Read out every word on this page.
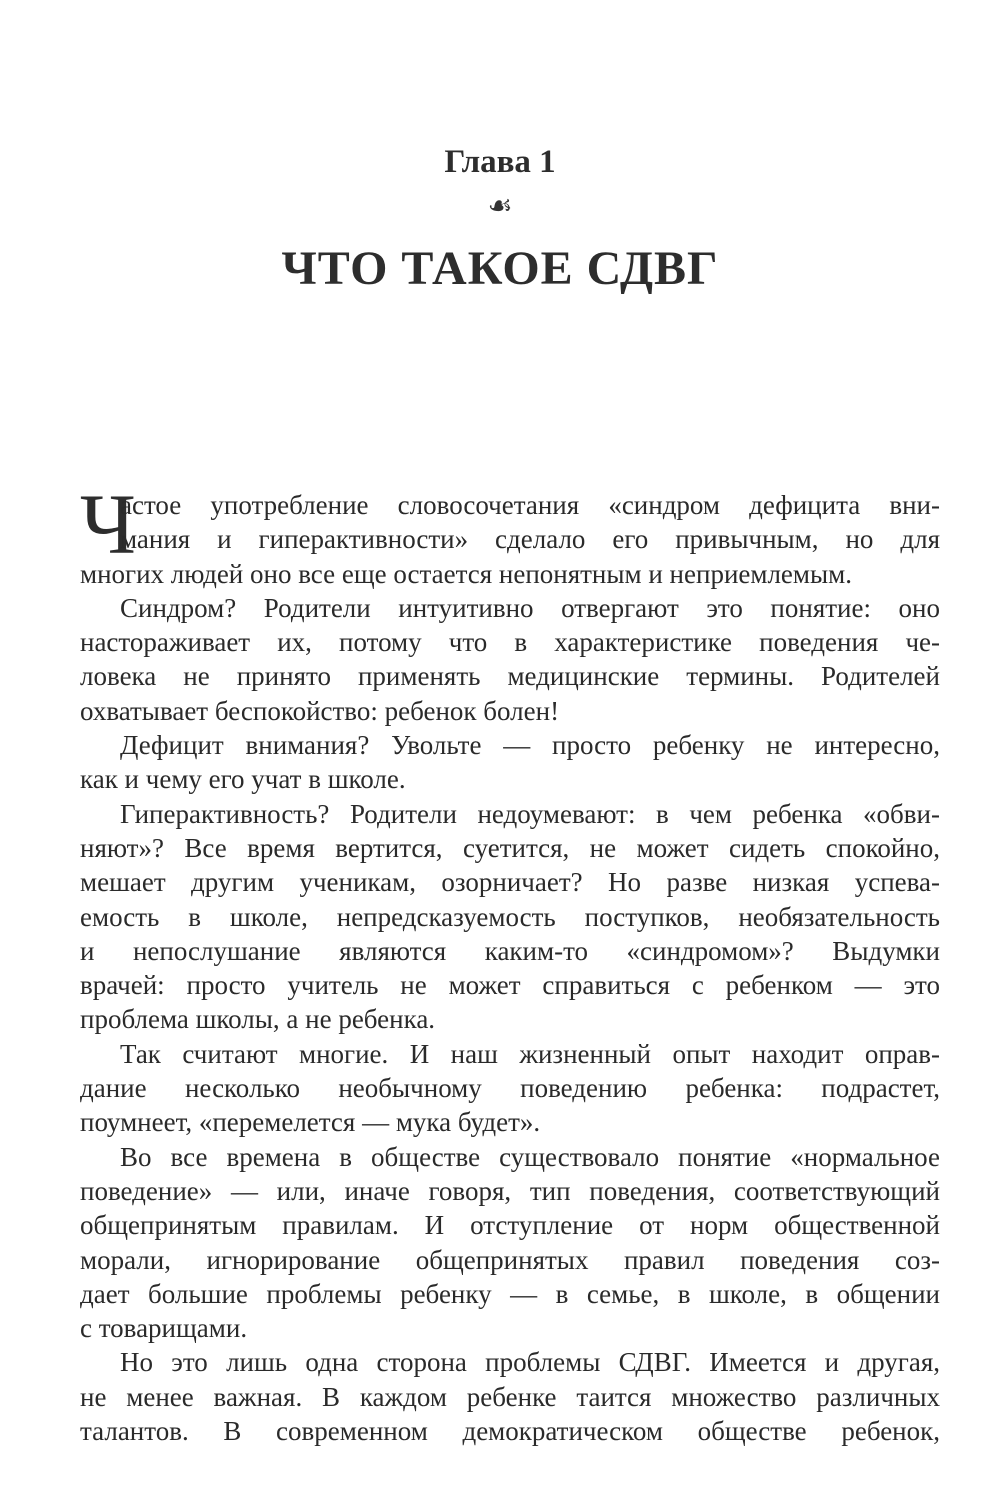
Глава 1
☙
ЧТО ТАКОЕ СДВГ
Ч
астое употребление словосочетания «синдром дефицита вни-
мания и гиперактивности» сделало его привычным, но для
многих людей оно все еще остается непонятным и неприемлемым.
Синдром? Родители интуитивно отвергают это понятие: оно
настораживает их, потому что в характеристике поведения че-
ловека не принято применять медицинские термины. Родителей
охватывает беспокойство: ребенок болен!
Дефицит внимания? Увольте — просто ребенку не интересно,
как и чему его учат в школе.
Гиперактивность? Родители недоумевают: в чем ребенка «обви-
няют»? Все время вертится, суетится, не может сидеть спокойно,
мешает другим ученикам, озорничает? Но разве низкая успева-
емость в школе, непредсказуемость поступков, необязательность
и непослушание являются каким-то «синдромом»? Выдумки
врачей: просто учитель не может справиться с ребенком — это
проблема школы, а не ребенка.
Так считают многие. И наш жизненный опыт находит оправ-
дание несколько необычному поведению ребенка: подрастет,
поумнеет, «перемелется — мука будет».
Во все времена в обществе существовало понятие «нормальное
поведение» — или, иначе говоря, тип поведения, соответствующий
общепринятым правилам. И отступление от норм общественной
морали, игнорирование общепринятых правил поведения соз-
дает большие проблемы ребенку — в семье, в школе, в общении
с товарищами.
Но это лишь одна сторона проблемы СДВГ. Имеется и другая,
не менее важная. В каждом ребенке таится множество различных
талантов. В современном демократическом обществе ребенок,
